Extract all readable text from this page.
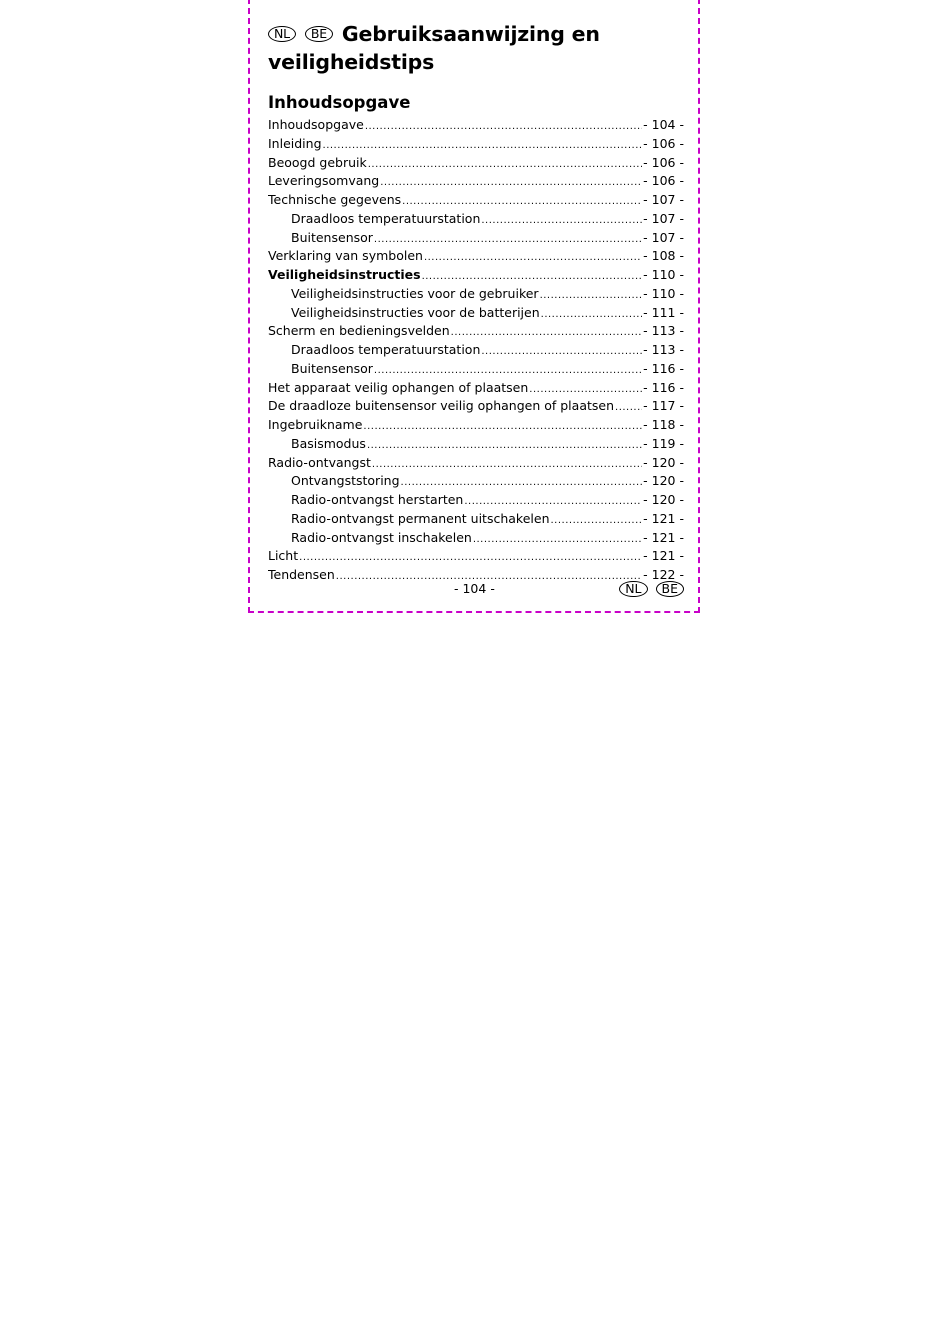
NL BE Gebruiksaanwijzing en veiligheidstips
Inhoudsopgave
Inhoudsopgave .....	- 104 -
Inleiding .....	- 106 -
Beoogd gebruik .....	- 106 -
Leveringsomvang .....	- 106 -
Technische gegevens .....	- 107 -
Draadloos temperatuurstation .....	- 107 -
Buitensensor .....	- 107 -
Verklaring van symbolen .....	- 108 -
Veiligheidsinstructies .....	- 110 -
Veiligheidsinstructies voor de gebruiker .....	- 110 -
Veiligheidsinstructies voor de batterijen .....	- 111 -
Scherm en bedieningsvelden .....	- 113 -
Draadloos temperatuurstation .....	- 113 -
Buitensensor .....	- 116 -
Het apparaat veilig ophangen of plaatsen .....	- 116 -
De draadloze buitensensor veilig ophangen of plaatsen ..... - 117 -
Ingebruikname .....	- 118 -
Basismodus .....	- 119 -
Radio-ontvangst .....	- 120 -
Ontvangststoring .....	- 120 -
Radio-ontvangst herstarten .....	- 120 -
Radio-ontvangst permanent uitschakelen .....	- 121 -
Radio-ontvangst inschakelen .....	- 121 -
Licht .....	- 121 -
Tendensen .....	- 122 -
- 104 -	NL BE
